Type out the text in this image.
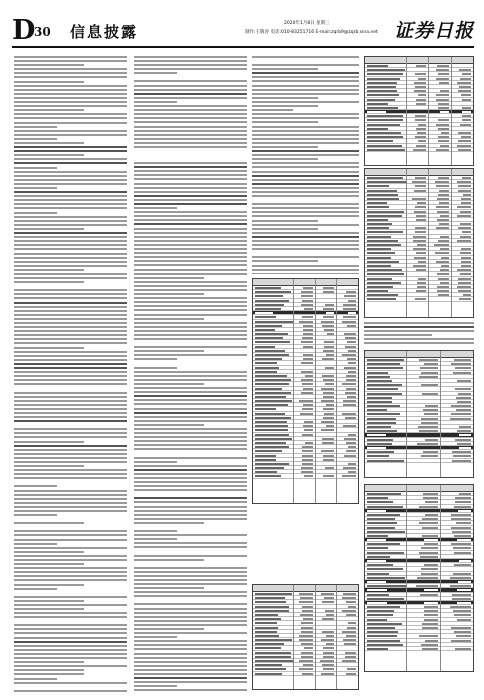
D
30 信息披露	2020年1月8日 星期三
制作:王敬涛 电话:010-83251716 E-mail:zqrb9@zqrb.sina.net 证券日报
